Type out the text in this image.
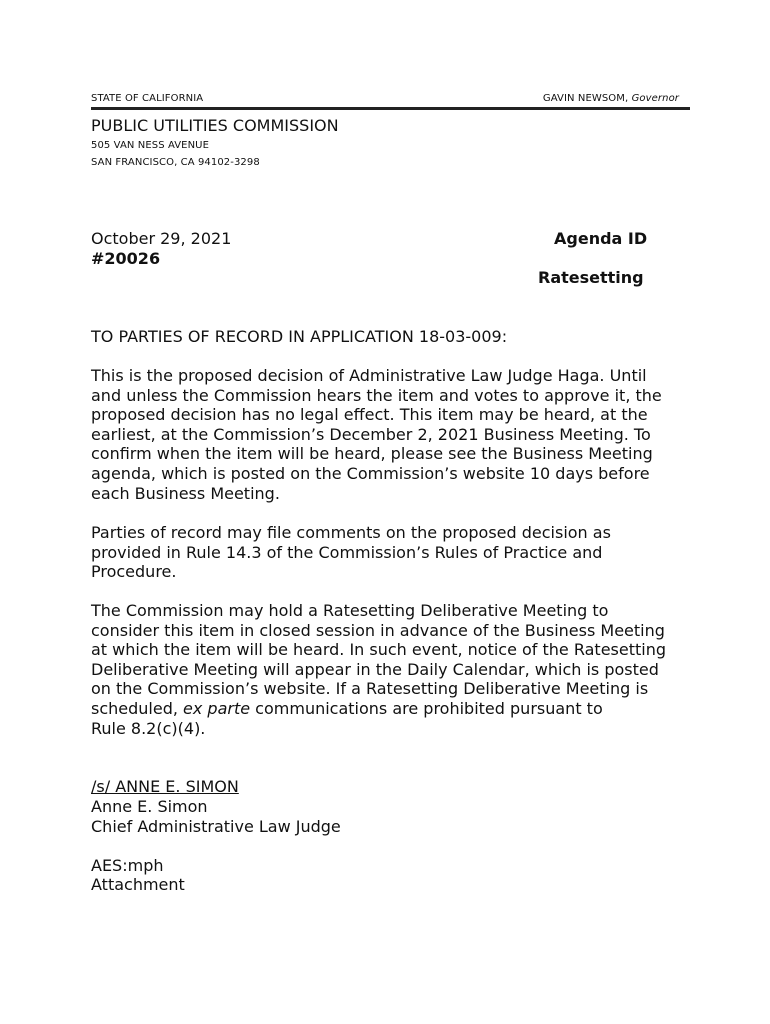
STATE OF CALIFORNIA	GAVIN NEWSOM, Governor
PUBLIC UTILITIES COMMISSION
505 VAN NESS AVENUE
SAN FRANCISCO, CA 94102-3298
October 29, 2021	Agenda ID
#20026
Ratesetting
TO PARTIES OF RECORD IN APPLICATION 18-03-009:

This is the proposed decision of Administrative Law Judge Haga. Until
and unless the Commission hears the item and votes to approve it, the
proposed decision has no legal effect. This item may be heard, at the
earliest, at the Commission’s December 2, 2021 Business Meeting. To
confirm when the item will be heard, please see the Business Meeting
agenda, which is posted on the Commission’s website 10 days before
each Business Meeting.

Parties of record may file comments on the proposed decision as
provided in Rule 14.3 of the Commission’s Rules of Practice and
Procedure.

The Commission may hold a Ratesetting Deliberative Meeting to
consider this item in closed session in advance of the Business Meeting
at which the item will be heard. In such event, notice of the Ratesetting
Deliberative Meeting will appear in the Daily Calendar, which is posted
on the Commission’s website. If a Ratesetting Deliberative Meeting is
scheduled, ex parte communications are prohibited pursuant to
Rule 8.2(c)(4).

/s/ ANNE E. SIMON
Anne E. Simon
Chief Administrative Law Judge
AES:mph
Attachment
